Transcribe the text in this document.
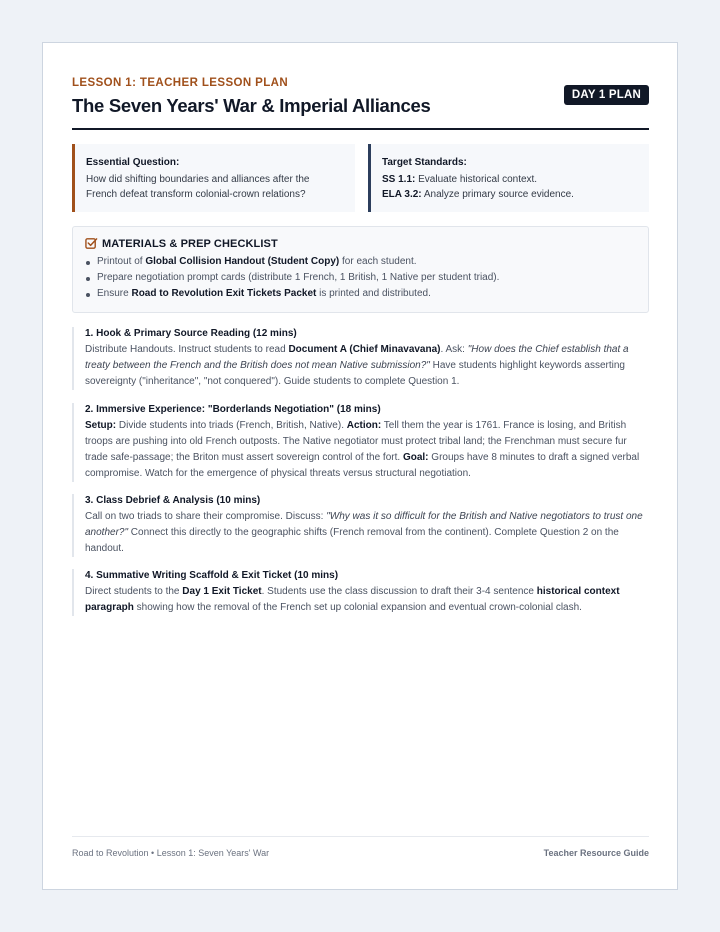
LESSON 1: TEACHER LESSON PLAN
The Seven Years' War & Imperial Alliances	DAY 1 PLAN
Essential Question:
How did shifting boundaries and alliances after the French defeat transform colonial-crown relations?
Target Standards:
SS 1.1: Evaluate historical context.
ELA 3.2: Analyze primary source evidence.
MATERIALS & PREP CHECKLIST
Printout of Global Collision Handout (Student Copy) for each student.
Prepare negotiation prompt cards (distribute 1 French, 1 British, 1 Native per student triad).
Ensure Road to Revolution Exit Tickets Packet is printed and distributed.
1. Hook & Primary Source Reading (12 mins)
Distribute Handouts. Instruct students to read Document A (Chief Minavavana). Ask: "How does the Chief establish that a treaty between the French and the British does not mean Native submission?" Have students highlight keywords asserting sovereignty ("inheritance", "not conquered"). Guide students to complete Question 1.
2. Immersive Experience: "Borderlands Negotiation" (18 mins)
Setup: Divide students into triads (French, British, Native). Action: Tell them the year is 1761. France is losing, and British troops are pushing into old French outposts. The Native negotiator must protect tribal land; the Frenchman must secure fur trade safe-passage; the Briton must assert sovereign control of the fort. Goal: Groups have 8 minutes to draft a signed verbal compromise. Watch for the emergence of physical threats versus structural negotiation.
3. Class Debrief & Analysis (10 mins)
Call on two triads to share their compromise. Discuss: "Why was it so difficult for the British and Native negotiators to trust one another?" Connect this directly to the geographic shifts (French removal from the continent). Complete Question 2 on the handout.
4. Summative Writing Scaffold & Exit Ticket (10 mins)
Direct students to the Day 1 Exit Ticket. Students use the class discussion to draft their 3-4 sentence historical context paragraph showing how the removal of the French set up colonial expansion and eventual crown-colonial clash.
Road to Revolution • Lesson 1: Seven Years' War	Teacher Resource Guide
